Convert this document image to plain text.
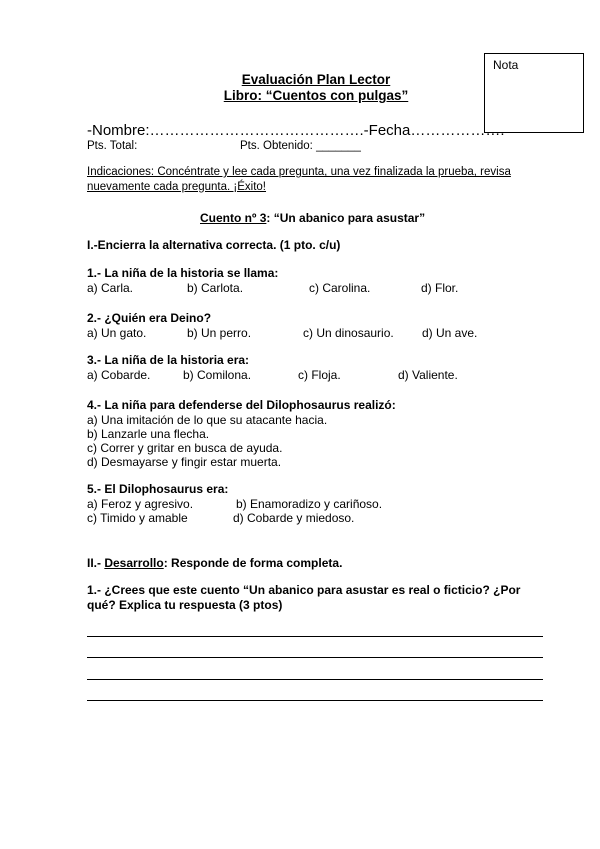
Nota
Evaluación Plan Lector
Libro: “Cuentos con pulgas”
-Nombre:…………………………………….-Fecha……………….
Pts. Total:	Pts. Obtenido: _______
Indicaciones: Concéntrate y lee cada pregunta, una vez finalizada la prueba, revisa nuevamente cada pregunta. ¡Éxito!
Cuento nº 3: “Un abanico para asustar”
I.-Encierra la alternativa correcta. (1 pto. c/u)
1.- La niña de la historia se llama:
a) Carla.	b) Carlota.	c) Carolina.	d) Flor.
2.- ¿Quién era Deino?
a) Un gato.	b) Un perro.	c) Un dinosaurio. d) Un ave.
3.- La niña de la historia era:
a) Cobarde.	b) Comilona.	c) Floja.	d) Valiente.
4.- La niña para defenderse del Dilophosaurus realizó:
a) Una imitación de lo que su atacante hacia.
b) Lanzarle una flecha.
c) Correr y gritar en busca de ayuda.
d) Desmayarse y fingir estar muerta.
5.- El Dilophosaurus era:
a) Feroz y agresivo.	b) Enamoradizo y cariñoso.
c) Timido y amable	d) Cobarde y miedoso.
II.- Desarrollo: Responde de forma completa.
1.- ¿Crees que este cuento “Un abanico para asustar es real o ficticio? ¿Por
qué? Explica tu respuesta (3 ptos)
